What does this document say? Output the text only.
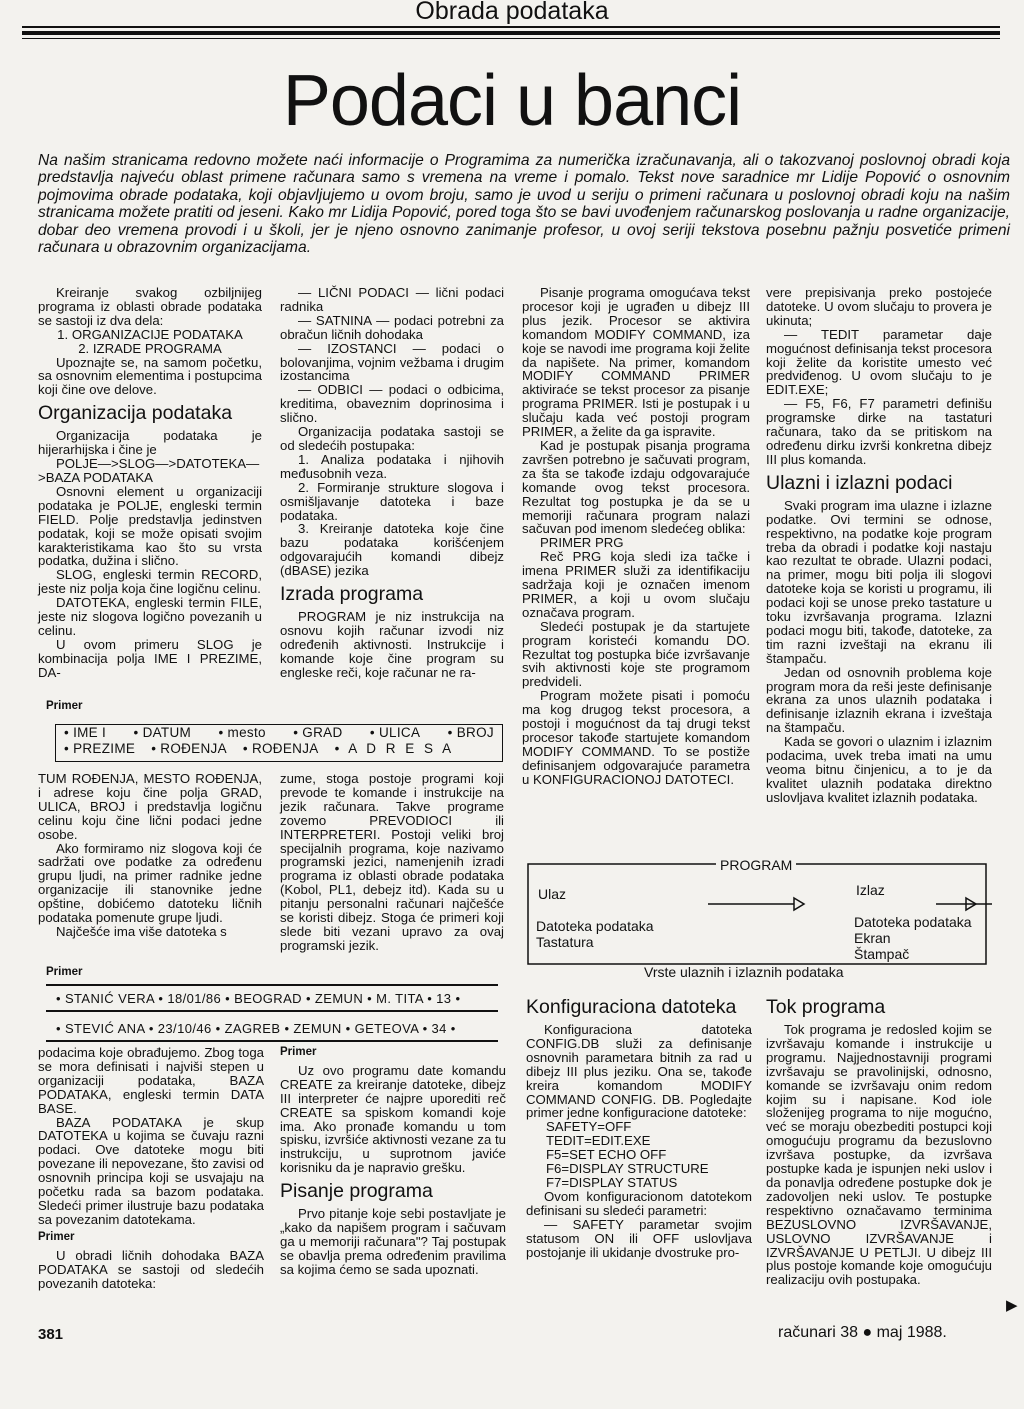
Obrada podataka
Podaci u banci
Na našim stranicama redovno možete naći informacije o Programima za numerička izračunavanja, ali o takozvanoj poslovnoj obradi koja predstavlja najveću oblast primene računara samo s vremena na vreme i pomalo. Tekst nove saradnice mr Lidije Popović o osnovnim pojmovima obrade podataka, koji objavljujemo u ovom broju, samo je uvod u seriju o primeni računara u poslovnoj obradi koju na našim stranicama možete pratiti od jeseni. Kako mr Lidija Popović, pored toga što se bavi uvođenjem računarskog poslovanja u radne organizacije, dobar deo vremena provodi i u školi, jer je njeno osnovno zanimanje profesor, u ovoj seriji tekstova posebnu pažnju posvetiće primeni računara u obrazovnim organizacijama.

Kreiranje svakog ozbiljnijeg programa iz oblasti obrade podataka se sastoji iz dva dela:

1. ORGANIZACIJE PODATAKA

2. IZRADE PROGRAMA

Upoznajte se, na samom početku, sa osnovnim elementima i postupcima koji čine ove delove.

Organizacija podataka

Organizacija podataka je hijerarhijska i čine je

POLJE—>SLOG—>DATOTEKA—>BAZA PODATAKA

Osnovni element u organizaciji podataka je POLJE, engleski termin FIELD. Polje predstavlja jedinstven podatak, koji se može opisati svojim karakteristikama kao što su vrsta podatka, dužina i slično.

SLOG, engleski termin RECORD, jeste niz polja koja čine logičnu celinu.

DATOTEKA, engleski termin FILE, jeste niz slogova logično povezanih u celinu.

U ovom primeru SLOG je kombinacija polja IME I PREZIME, DA-

— LIČNI PODACI — lični podaci radnika

— SATNINA — podaci potrebni za obračun ličnih dohodaka

— IZOSTANCI — podaci o bolovanjima, vojnim vežbama i drugim izostancima

— ODBICI — podaci o odbicima, kreditima, obaveznim doprinosima i slično.

Organizacija podataka sastoji se od sledećih postupaka:

1. Analiza podataka i njihovih međusobnih veza.

2. Formiranje strukture slogova i osmišljavanje datoteka i baze podataka.

3. Kreiranje datoteka koje čine bazu podataka korišćenjem odgovarajućih komandi dibejz (dBASE) jezika

Izrada programa

PROGRAM je niz instrukcija na osnovu kojih računar izvodi niz određenih aktivnosti. Instrukcije i komande koje čine program su engleske reči, koje računar ne ra-

Pisanje programa omogućava tekst procesor koji je ugrađen u dibejz III plus jezik. Procesor se aktivira komandom MODIFY COMMAND, iza koje se navodi ime programa koji želite da napišete. Na primer, komandom MODIFY COMMAND PRIMER aktiviraće se tekst procesor za pisanje programa PRIMER. Isti je postupak i u slučaju kada već postoji program PRIMER, a želite da ga ispravite.

Kad je postupak pisanja programa završen potrebno je sačuvati program, za šta se takođe izdaju odgovarajuće komande ovog tekst procesora. Rezultat tog postupka je da se u memoriji računara program nalazi sačuvan pod imenom sledećeg oblika:

PRIMER PRG

Reč PRG koja sledi iza tačke i imena PRIMER služi za identifikaciju sadržaja koji je označen imenom PRIMER, a koji u ovom slučaju označava program.

Sledeći postupak je da startujete program koristeći komandu DO. Rezultat tog postupka biće izvršavanje svih aktivnosti koje ste programom predvideli.

Program možete pisati i pomoću ma kog drugog tekst procesora, a postoji i mogućnost da taj drugi tekst procesor takođe startujete komandom MODIFY COMMAND. To se postiže definisanjem odgovarajuće parametra u KONFIGURACIONOJ DATOTECI.

vere prepisivanja preko postojeće datoteke. U ovom slučaju to provera je ukinuta;

— TEDIT parametar daje mogućnost definisanja tekst procesora koji želite da koristite umesto već predviđenog. U ovom slučaju to je EDIT.EXE;

— F5, F6, F7 parametri definišu programske dirke na tastaturi računara, tako da se pritiskom na određenu dirku izvrši konkretna dibejz III plus komanda.

Ulazni i izlazni podaci

Svaki program ima ulazne i izlazne podatke. Ovi termini se odnose, respektivno, na podatke koje program treba da obradi i podatke koji nastaju kao rezultat te obrade. Ulazni podaci, na primer, mogu biti polja ili slogovi datoteke koja se koristi u programu, ili podaci koji se unose preko tastature u toku izvršavanja programa. Izlazni podaci mogu biti, takođe, datoteke, za tim razni izveštaji na ekranu ili štampaču.

Jedan od osnovnih problema koje program mora da reši jeste definisanje ekrana za unos ulaznih podataka i definisanje izlaznih ekrana i izveštaja na štampaču.

Kada se govori o ulaznim i izlaznim podacima, uvek treba imati na umu veoma bitnu činjenicu, a to je da kvalitet ulaznih podataka direktno uslovljava kvalitet izlaznih podataka.

Primer
• IME I • DATUM • mesto • GRAD • ULICA • BROJ
• PREZIME • ROĐENJA • ROĐENJA • A D R E S A

TUM ROĐENJA, MESTO ROĐENJA, i adrese koju čine polja GRAD, ULICA, BROJ i predstavlja logičnu celinu koju čine lični podaci jedne osobe.

Ako formiramo niz slogova koji će sadržati ove podatke za određenu grupu ljudi, na primer radnike jedne organizacije ili stanovnike jedne opštine, dobićemo datoteku ličnih podataka pomenute grupe ljudi.

Najčešće ima više datoteka s

zume, stoga postoje programi koji prevode te komande i instrukcije na jezik računara. Takve programe zovemo PREVODIOCI ili INTERPRETERI. Postoji veliki broj specijalnih programa, koje nazivamo programski jezici, namenjenih izradi programa iz oblasti obrade podataka (Kobol, PL1, debejz itd). Kada su u pitanju personalni računari najčešće se koristi dibejz. Stoga će primeri koji slede biti vezani upravo za ovaj programski jezik.

PROGRAM
Ulaz
Datoteka podataka
Tastatura
Izlaz
Datoteka podataka
Ekran
Štampač
Vrste ulaznih i izlaznih podataka
Primer
• STANIĆ VERA • 18/01/86 • BEOGRAD • ZEMUN • M. TITA • 13 •
• STEVIĆ ANA • 23/10/46 • ZAGREB • ZEMUN • GETEOVA • 34 •

podacima koje obrađujemo. Zbog toga se mora definisati i najviši stepen u organizaciji podataka, BAZA PODATAKA, engleski termin DATA BASE.

BAZA PODATAKA je skup DATOTEKA u kojima se čuvaju razni podaci. Ove datoteke mogu biti povezane ili nepovezane, što zavisi od osnovnih principa koji se usvajaju na početku rada sa bazom podataka. Sledeći primer ilustruje bazu podataka sa povezanim datotekama.

Primer

U obradi ličnih dohodaka BAZA PODATAKA se sastoji od sledećih povezanih datoteka:

Primer

Uz ovo programu date komandu CREATE za kreiranje datoteke, dibejz III interpreter će najpre uporediti reč CREATE sa spiskom komandi koje ima. Ako pronađe komandu u tom spisku, izvršiće aktivnosti vezane za tu instrukciju, u suprotnom javiće korisniku da je napravio grešku.

Pisanje programa

Prvo pitanje koje sebi postavljate je „kako da napišem program i sačuvam ga u memoriji računara"? Taj postupak se obavlja prema određenim pravilima sa kojima ćemo se sada upoznati.

Konfiguraciona datoteka

Konfiguraciona datoteka CONFIG.DB služi za definisanje osnovnih parametara bitnih za rad u dibejz III plus jeziku. Ona se, takođe kreira komandom MODIFY COMMAND CONFIG. DB. Pogledajte primer jedne konfiguracione datoteke:

SAFETY=OFF

TEDIT=EDIT.EXE

F5=SET ECHO OFF

F6=DISPLAY STRUCTURE

F7=DISPLAY STATUS

Ovom konfiguracionom datotekom definisani su sledeći parametri:

— SAFETY parametar svojim statusom ON ili OFF uslovljava postojanje ili ukidanje dvostruke pro-

Tok programa

Tok programa je redosled kojim se izvršavaju komande i instrukcije u programu. Najjednostavniji programi izvršavaju se pravolinijski, odnosno, komande se izvršavaju onim redom kojim su i napisane. Kod iole složenijeg programa to nije mogućno, već se moraju obezbediti postupci koji omogućuju programu da bezuslovno izvršava postupke, da izvršava postupke kada je ispunjen neki uslov i da ponavlja određene postupke dok je zadovoljen neki uslov. Te postupke respektivno označavamo terminima BEZUSLOVNO IZVRŠAVANJE, USLOVNO IZVRŠAVANJE i IZVRŠAVANJE U PETLJI. U dibejz III plus postoje komande koje omogućuju realizaciju ovih postupaka.

381	računari 38 ● maj 1988.
▶
